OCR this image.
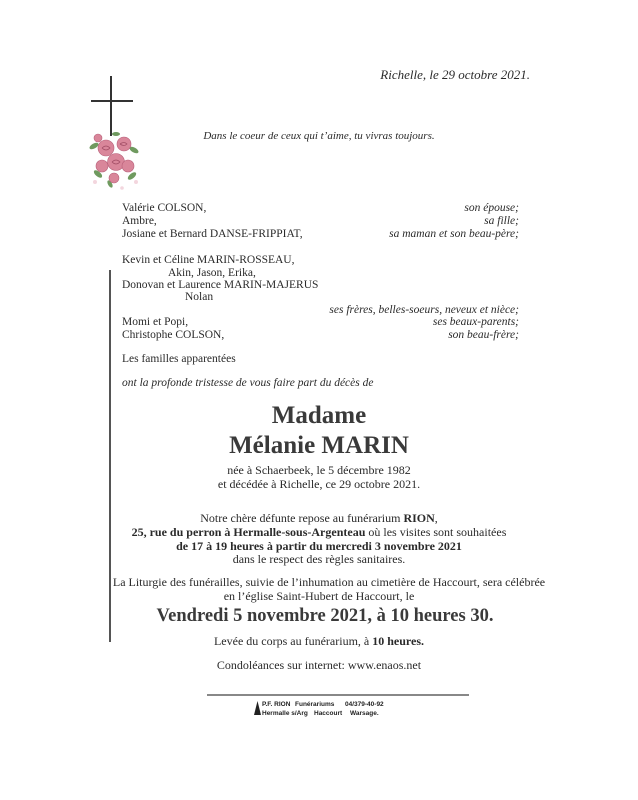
Richelle, le 29 octobre 2021.
Dans le coeur de ceux qui t’aime, tu vivras toujours.
Valérie COLSON,	son épouse;
Ambre,	sa fille;
Josiane et Bernard DANSE-FRIPPIAT,	sa maman et son beau-père;
Kevin et Céline MARIN-ROSSEAU,
Akin, Jason, Erika,
Donovan et Laurence MARIN-MAJERUS
Nolan
ses frères, belles-soeurs, neveux et nièce;
Momi et Popi,	ses beaux-parents;
Christophe COLSON,	son beau-frère;
Les familles apparentées
ont la profonde tristesse de vous faire part du décès de
Madame
Mélanie MARIN
née à Schaerbeek, le 5 décembre 1982
et décédée à Richelle, ce 29 octobre 2021.
Notre chère défunte repose au funérarium RION,
25, rue du perron à Hermalle-sous-Argenteau où les visites sont souhaitées
de 17 à 19 heures à partir du mercredi 3 novembre 2021
dans le respect des règles sanitaires.
La Liturgie des funérailles, suivie de l’inhumation au cimetière de Haccourt, sera célébrée
en l’église Saint-Hubert de Haccourt, le
Vendredi 5 novembre 2021, à 10 heures 30.
Levée du corps au funérarium, à 10 heures.
Condoléances sur internet: www.enaos.net
P.F. RION Funérariums 04/379-40-92
Hermalle s/Arg Haccourt Warsage.
